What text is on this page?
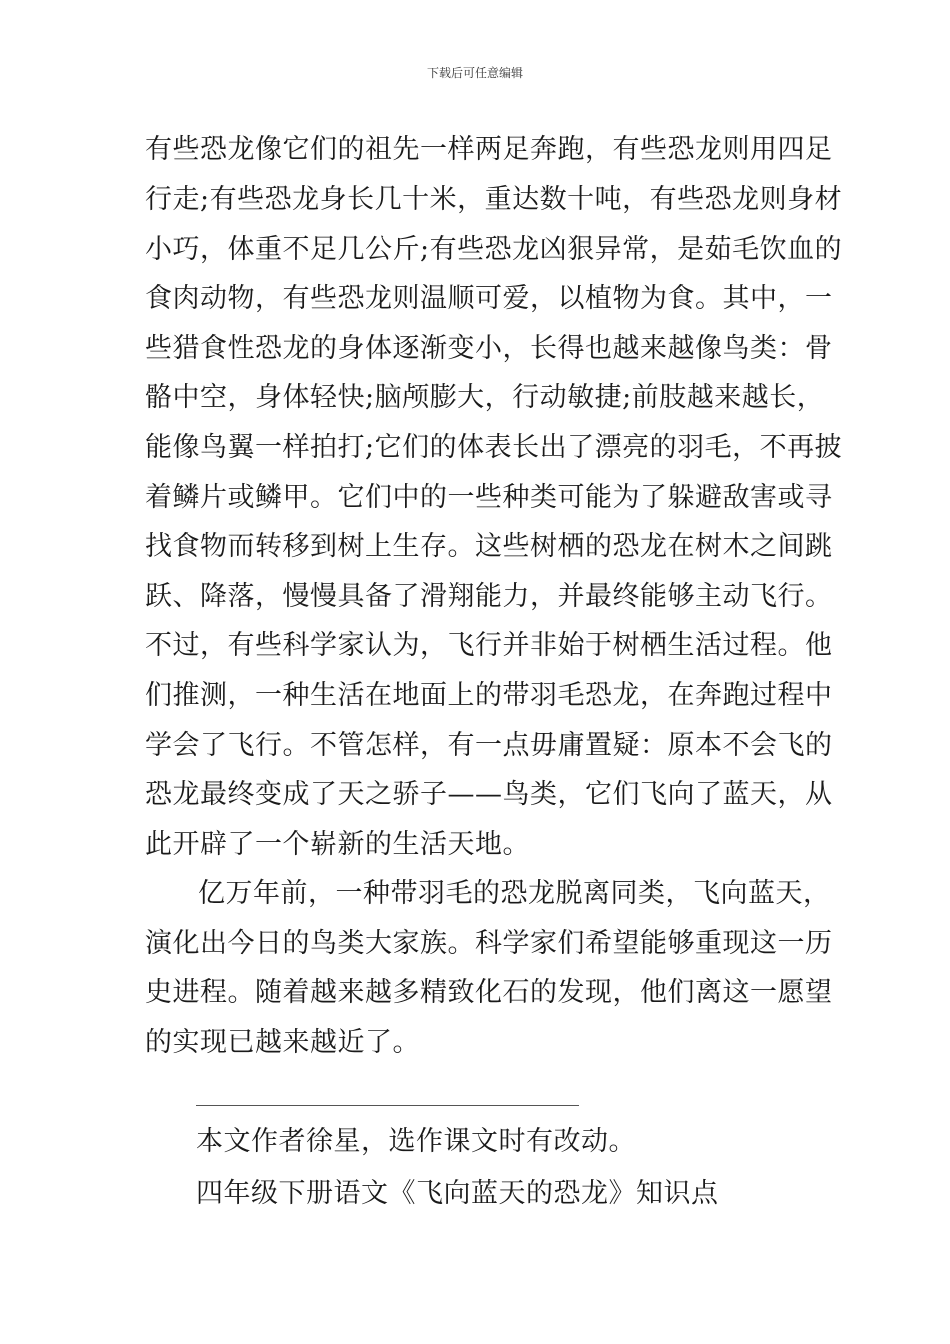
下载后可任意编辑
有些恐龙像它们的祖先一样两足奔跑，有些恐龙则用四足
行走;有些恐龙身长几十米，重达数十吨，有些恐龙则身材
小巧，体重不足几公斤;有些恐龙凶狠异常，是茹毛饮血的
食肉动物，有些恐龙则温顺可爱，以植物为食。其中，一
些猎食性恐龙的身体逐渐变小，长得也越来越像鸟类：骨
骼中空，身体轻快;脑颅膨大，行动敏捷;前肢越来越长，
能像鸟翼一样拍打;它们的体表长出了漂亮的羽毛，不再披
着鳞片或鳞甲。它们中的一些种类可能为了躲避敌害或寻
找食物而转移到树上生存。这些树栖的恐龙在树木之间跳
跃、降落，慢慢具备了滑翔能力，并最终能够主动飞行。
不过，有些科学家认为，飞行并非始于树栖生活过程。他
们推测，一种生活在地面上的带羽毛恐龙，在奔跑过程中
学会了飞行。不管怎样，有一点毋庸置疑：原本不会飞的
恐龙最终变成了天之骄子——鸟类，它们飞向了蓝天，从
此开辟了一个崭新的生活天地。
亿万年前，一种带羽毛的恐龙脱离同类，飞向蓝天，
演化出今日的鸟类大家族。科学家们希望能够重现这一历
史进程。随着越来越多精致化石的发现，他们离这一愿望
的实现已越来越近了。
本文作者徐星，选作课文时有改动。
四年级下册语文《飞向蓝天的恐龙》知识点
